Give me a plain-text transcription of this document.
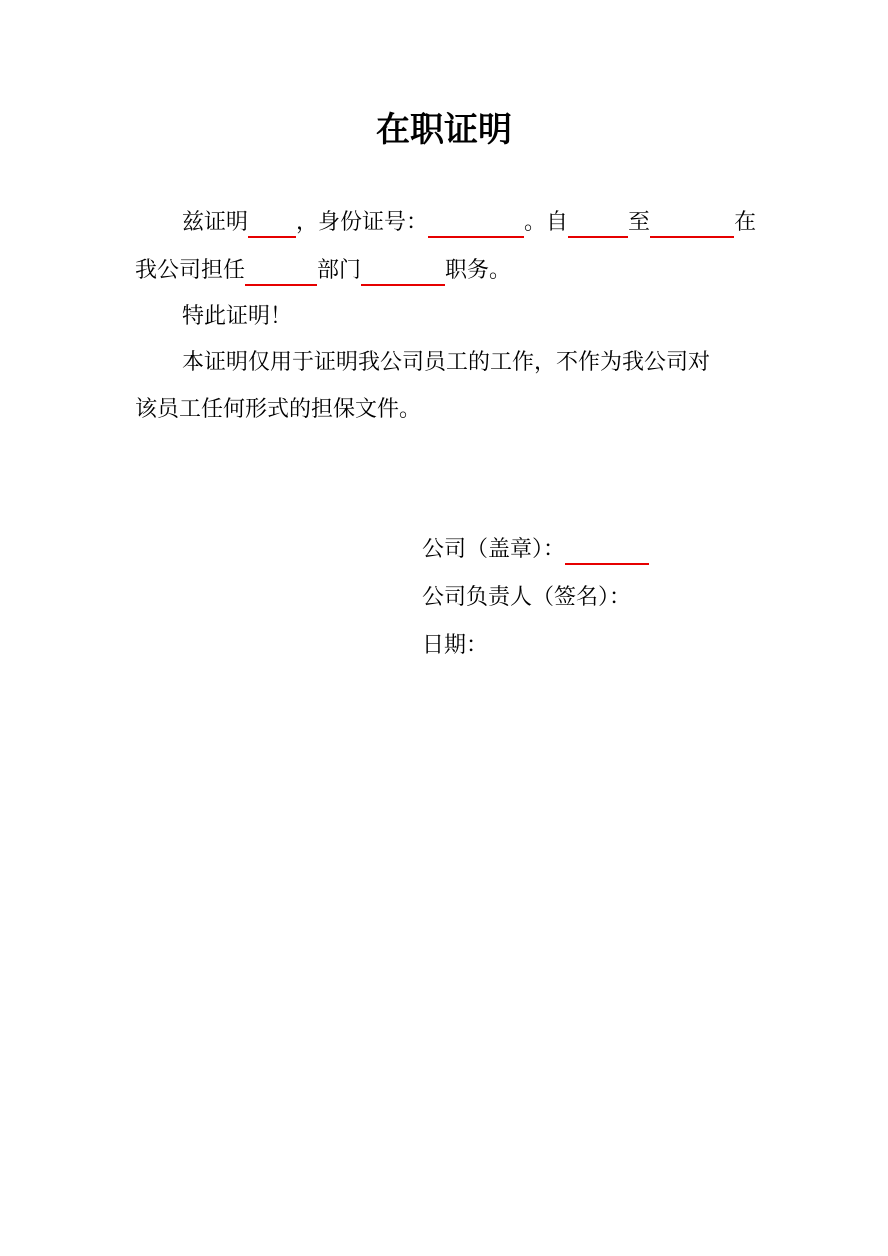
在职证明
兹证明	，身份证号：	。自	至	在
我公司担任	部门	职务。
特此证明！
本证明仅用于证明我公司员工的工作，不作为我公司对
该员工任何形式的担保文件。
公司（盖章）：
公司负责人（签名）：
日期：
